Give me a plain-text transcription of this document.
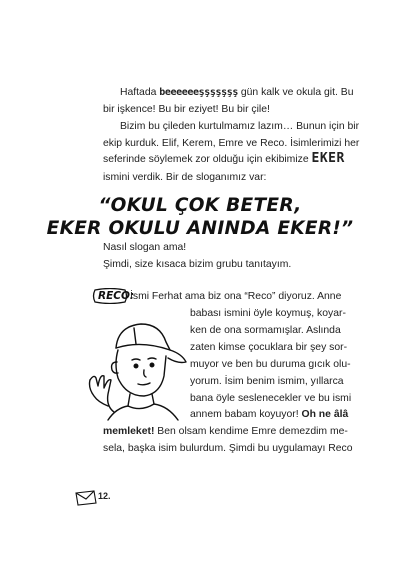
Haftada beeeeeeşşşşşşş gün kalk ve okula git. Bu
bir işkence! Bu bir eziyet! Bu bir çile!
Bizim bu çileden kurtulmamız lazım… Bunun için bir
ekip kurduk. Elif, Kerem, Emre ve Reco. İsimlerimizi her
seferinde söylemek zor olduğu için ekibimize EKER
ismini verdik. Bir de sloganımız var:
“OKUL ÇOK BETER,
EKER OKULU ANINDA EKER!”
Nasıl slogan ama!
Şimdi, size kısaca bizim grubu tanıtayım.
RECO:
İsmi Ferhat ama biz ona “Reco” diyoruz. Anne
babası ismini öyle koymuş, koyar-
ken de ona sormamışlar. Aslında
zaten kimse çocuklara bir şey sor-
muyor ve ben bu duruma gıcık olu-
yorum. İsim benim ismim, yıllarca
bana öyle seslenecekler ve bu ismi
annem babam koyuyor! Oh ne âlâ
memleket! Ben olsam kendime Emre demezdim me-
sela, başka isim bulurdum. Şimdi bu uygulamayı Reco
12.
